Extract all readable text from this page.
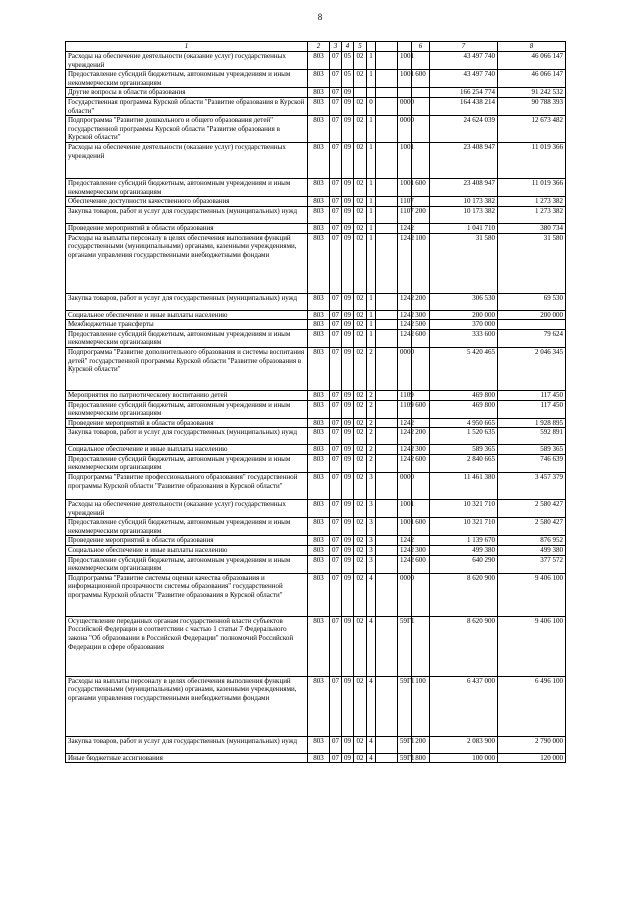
8
1	2	3	4	5				6	7	8
Расходы на обеспечение деятельности (оказание услуг) государственных учреждений	803	07	05	02	1		1001		43 497 740	46 066 147
Предоставление субсидий бюджетным, автономным учреждениям и иным некоммерческим организациям	803	07	05	02	1		1001	600	43 497 740	46 066 147
Другие вопросы в области образования	803	07	09						166 254 774	91 242 532
Государственная программа Курской области "Развитие образования в Курской области"	803	07	09	02	0		0000		164 438 214	90 788 393
Подпрограмма "Развитие дошкольного и общего образования детей" государственной программы Курской области "Развитие образования в Курской области"	803	07	09	02	1		0000		24 624 039	12 673 482
Расходы на обеспечение деятельности (оказание услуг) государственных учреждений	803	07	09	02	1		1001		23 408 947	11 019 366
Предоставление субсидий бюджетным, автономным учреждениям и иным некоммерческим организациям	803	07	09	02	1		1001	600	23 408 947	11 019 366
Обеспечение доступности качественного образования	803	07	09	02	1		1107		10 173 382	1 273 382
Закупка товаров, работ и услуг для государственных (муниципальных) нужд	803	07	09	02	1		1107	200	10 173 382	1 273 382
Проведение мероприятий в области образования	803	07	09	02	1		1242		1 041 710	380 734
Расходы на выплаты персоналу в целях обеспечения выполнения функций государственными (муниципальными) органами, казенными учреждениями, органами управления государственными внебюджетными фондами	803	07	09	02	1		1242	100	31 580	31 580
Закупка товаров, работ и услуг для государственных (муниципальных) нужд	803	07	09	02	1		1242	200	306 530	69 530
Социальное обеспечение и иные выплаты населению	803	07	09	02	1		1242	300	200 000	200 000
Межбюджетные трансферты	803	07	09	02	1		1242	500	370 000	
Предоставление субсидий бюджетным, автономным учреждениям и иным некоммерческим организациям	803	07	09	02	1		1242	600	333 600	79 624
Подпрограмма "Развитие дополнительного образования и системы воспитания детей" государственной программы Курской области "Развитие образования в Курской области"	803	07	09	02	2		0000		5 420 465	2 046 345
Мероприятия по патриотическому воспитанию детей	803	07	09	02	2		1109		469 800	117 450
Предоставление субсидий бюджетным, автономным учреждениям и иным некоммерческим организациям	803	07	09	02	2		1109	600	469 800	117 450
Проведение мероприятий в области образования	803	07	09	02	2		1242		4 950 665	1 928 895
Закупка товаров, работ и услуг для государственных (муниципальных) нужд	803	07	09	02	2		1242	200	1 520 635	592 891
Социальное обеспечение и иные выплаты населению	803	07	09	02	2		1242	300	589 365	589 365
Предоставление субсидий бюджетным, автономным учреждениям и иным некоммерческим организациям	803	07	09	02	2		1242	600	2 840 665	746 639
Подпрограмма "Развитие профессионального образования" государственной программы Курской области "Развитие образования в Курской области"	803	07	09	02	3		0000		11 461 380	3 457 379
Расходы на обеспечение деятельности (оказание услуг) государственных учреждений	803	07	09	02	3		1001		10 321 710	2 580 427
Предоставление субсидий бюджетным, автономным учреждениям и иным некоммерческим организациям	803	07	09	02	3		1001	600	10 321 710	2 580 427
Проведение мероприятий в области образования	803	07	09	02	3		1242		1 139 670	876 952
Социальное обеспечение и иные выплаты населению	803	07	09	02	3		1242	300	499 380	499 380
Предоставление субсидий бюджетным, автономным учреждениям и иным некоммерческим организациям	803	07	09	02	3		1242	600	640 290	377 572
Подпрограмма "Развитие системы оценки качества образования и информационной прозрачности системы образования" государственной программы Курской области "Развитие образования в Курской области"	803	07	09	02	4		0000		8 620 900	9 406 100
Осуществление переданных органам государственной власти субъектов Российской Федерации в соответствии с частью 1 статьи 7 Федерального закона "Об образовании в Российской Федерации" полномочий Российской Федерации в сфере образования	803	07	09	02	4		59Г1		8 620 900	9 406 100
Расходы на выплаты персоналу в целях обеспечения выполнения функций государственными (муниципальными) органами, казенными учреждениями, органами управления государственными внебюджетными фондами	803	07	09	02	4		59Г1	100	6 437 000	6 496 100
Закупка товаров, работ и услуг для государственных (муниципальных) нужд	803	07	09	02	4		59Г1	200	2 083 900	2 790 000
Иные бюджетные ассигнования	803	07	09	02	4		59Г1	800	100 000	120 000
